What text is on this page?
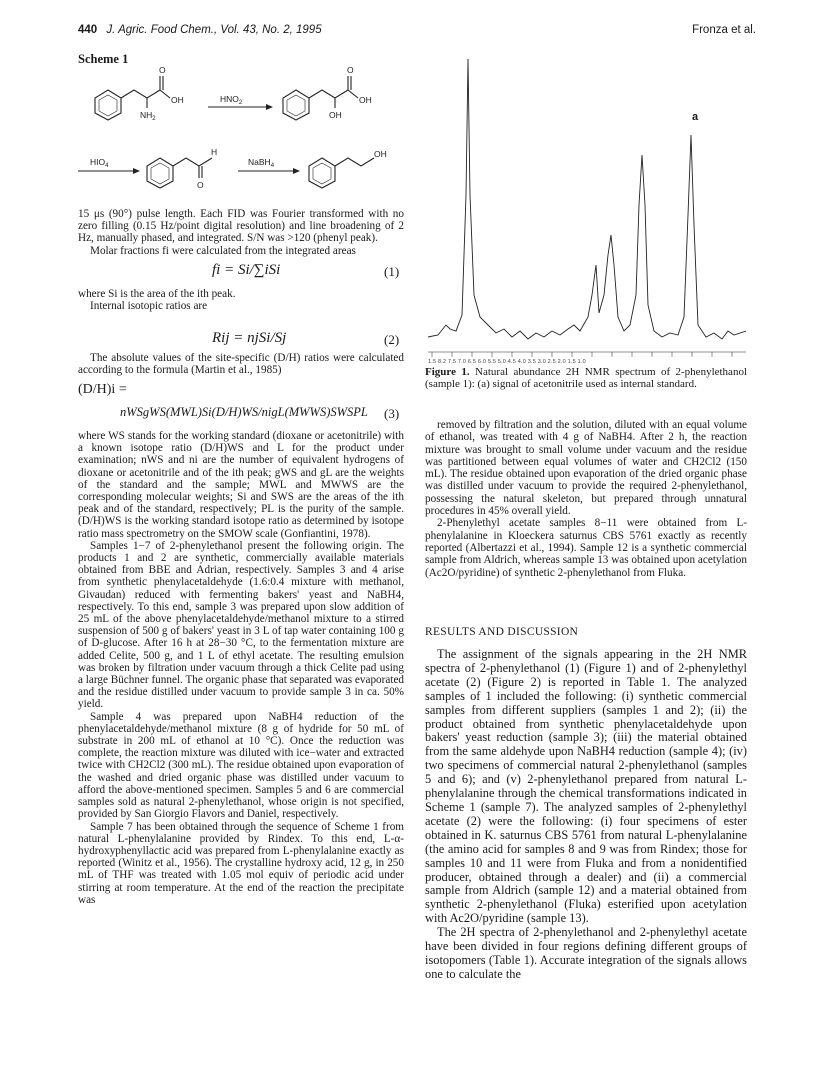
440 J. Agric. Food Chem., Vol. 43, No. 2, 1995	Fronza et al.
Scheme 1
O
OH
$NH_2$
$HNO_2$
O
OH
OH
$HIO_4$
H
O
NaBH$_4$
OH

15 μs (90°) pulse length. Each FID was Fourier transformed with no zero filling (0.15 Hz/point digital resolution) and line broadening of 2 Hz, manually phased, and integrated. S/N was >120 (phenyl peak).

Molar fractions fi were calculated from the integrated areas

fi = Si/∑iSi	(1)

where Si is the area of the ith peak.

Internal isotopic ratios are

Rij = njSi/Sj	(2)

The absolute values of the site-specific (D/H) ratios were calculated according to the formula (Martin et al., 1985)

(D/H)i =
nWSgWS(MWL)Si(D/H)WS/nigL(MWWS)SWSPL (3)

where WS stands for the working standard (dioxane or acetonitrile) with a known isotope ratio (D/H)WS and L for the product under examination; nWS and ni are the number of equivalent hydrogens of dioxane or acetonitrile and of the ith peak; gWS and gL are the weights of the standard and the sample; MWL and MWWS are the corresponding molecular weights; Si and SWS are the areas of the ith peak and of the standard, respectively; PL is the purity of the sample. (D/H)WS is the working standard isotope ratio as determined by isotope ratio mass spectrometry on the SMOW scale (Gonfiantini, 1978).

Samples 1−7 of 2-phenylethanol present the following origin. The products 1 and 2 are synthetic, commercially available materials obtained from BBE and Adrian, respectively. Samples 3 and 4 arise from synthetic phenylacetaldehyde (1.6:0.4 mixture with methanol, Givaudan) reduced with fermenting bakers' yeast and NaBH4, respectively. To this end, sample 3 was prepared upon slow addition of 25 mL of the above phenylacetaldehyde/methanol mixture to a stirred suspension of 500 g of bakers' yeast in 3 L of tap water containing 100 g of D-glucose. After 16 h at 28−30 °C, to the fermentation mixture are added Celite, 500 g, and 1 L of ethyl acetate. The resulting emulsion was broken by filtration under vacuum through a thick Celite pad using a large Büchner funnel. The organic phase that separated was evaporated and the residue distilled under vacuum to provide sample 3 in ca. 50% yield.

Sample 4 was prepared upon NaBH4 reduction of the phenylacetaldehyde/methanol mixture (8 g of hydride for 50 mL of substrate in 200 mL of ethanol at 10 °C). Once the reduction was complete, the reaction mixture was diluted with ice−water and extracted twice with CH2Cl2 (300 mL). The residue obtained upon evaporation of the washed and dried organic phase was distilled under vacuum to afford the above-mentioned specimen. Samples 5 and 6 are commercial samples sold as natural 2-phenylethanol, whose origin is not specified, provided by San Giorgio Flavors and Daniel, respectively.

Sample 7 has been obtained through the sequence of Scheme 1 from natural L-phenylalanine provided by Rindex. To this end, L-α-hydroxyphenyllactic acid was prepared from L-phenylalanine exactly as reported (Winitz et al., 1956). The crystalline hydroxy acid, 12 g, in 250 mL of THF was treated with 1.05 mol equiv of periodic acid under stirring at room temperature. At the end of the reaction the precipitate was

1.5 8.2 7.5 7.0 6.5 6.0 5.5 5.0 4.5 4.0 3.5 3.0 2.5 2.0 1.5 1.0
a
Figure 1. Natural abundance 2H NMR spectrum of 2-phenylethanol (sample 1): (a) signal of acetonitrile used as internal standard.

removed by filtration and the solution, diluted with an equal volume of ethanol, was treated with 4 g of NaBH4. After 2 h, the reaction mixture was brought to small volume under vacuum and the residue was partitioned between equal volumes of water and CH2Cl2 (150 mL). The residue obtained upon evaporation of the dried organic phase was distilled under vacuum to provide the required 2-phenylethanol, possessing the natural skeleton, but prepared through unnatural procedures in 45% overall yield.

2-Phenylethyl acetate samples 8−11 were obtained from L-phenylalanine in Kloeckera saturnus CBS 5761 exactly as recently reported (Albertazzi et al., 1994). Sample 12 is a synthetic commercial sample from Aldrich, whereas sample 13 was obtained upon acetylation (Ac2O/pyridine) of synthetic 2-phenylethanol from Fluka.

RESULTS AND DISCUSSION

The assignment of the signals appearing in the 2H NMR spectra of 2-phenylethanol (1) (Figure 1) and of 2-phenylethyl acetate (2) (Figure 2) is reported in Table 1. The analyzed samples of 1 included the following: (i) synthetic commercial samples from different suppliers (samples 1 and 2); (ii) the product obtained from synthetic phenylacetaldehyde upon bakers' yeast reduction (sample 3); (iii) the material obtained from the same aldehyde upon NaBH4 reduction (sample 4); (iv) two specimens of commercial natural 2-phenylethanol (samples 5 and 6); and (v) 2-phenylethanol prepared from natural L-phenylalanine through the chemical transformations indicated in Scheme 1 (sample 7). The analyzed samples of 2-phenylethyl acetate (2) were the following: (i) four specimens of ester obtained in K. saturnus CBS 5761 from natural L-phenylalanine (the amino acid for samples 8 and 9 was from Rindex; those for samples 10 and 11 were from Fluka and from a nonidentified producer, obtained through a dealer) and (ii) a commercial sample from Aldrich (sample 12) and a material obtained from synthetic 2-phenylethanol (Fluka) esterified upon acetylation with Ac2O/pyridine (sample 13).

The 2H spectra of 2-phenylethanol and 2-phenylethyl acetate have been divided in four regions defining different groups of isotopomers (Table 1). Accurate integration of the signals allows one to calculate the
